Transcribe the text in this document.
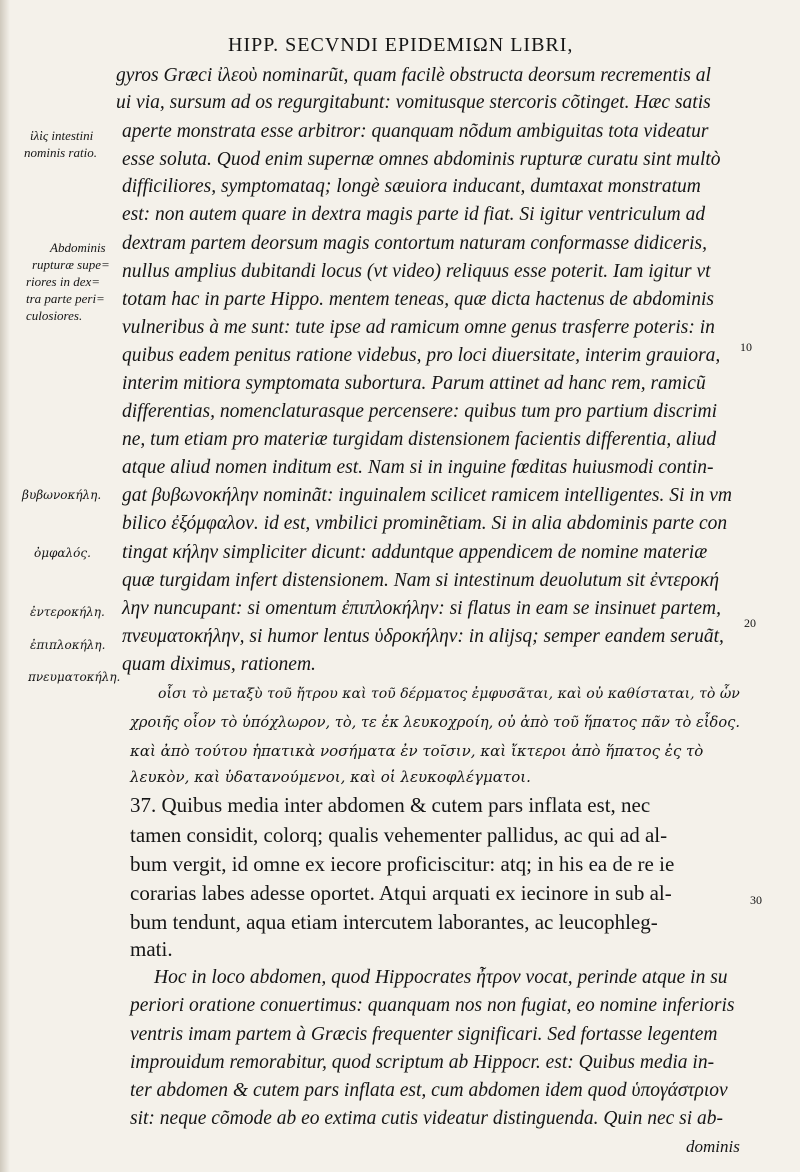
HIPP. SECVNDI EPIDEMIΩN LIBRI,
ἰλὶς intestini
nominis ratio.
Abdominis
rupturæ supe=
riores in dex=
tra parte peri=
culosiores.
βυβωνοκήλη.
ὀμφαλός.
ἐντεροκήλη.
ἐπιπλοκήλη.
πνευματοκήλη.
10
20
30
gyros Græci ἰλεοὺ nominarũt, quam facilè obstructa deorsum recrementis al
ui via, sursum ad os regurgitabunt: vomitusque stercoris cõtinget. Hæc satis
aperte monstrata esse arbitror: quanquam nõdum ambiguitas tota videatur
esse soluta. Quod enim supernæ omnes abdominis rupturæ curatu sint multò
difficiliores, symptomataq; longè sæuiora inducant, dumtaxat monstratum
est: non autem quare in dextra magis parte id fiat. Si igitur ventriculum ad
dextram partem deorsum magis contortum naturam conformasse didiceris,
nullus amplius dubitandi locus (vt video) reliquus esse poterit. Iam igitur vt
totam hac in parte Hippo. mentem teneas, quæ dicta hactenus de abdominis
vulneribus à me sunt: tute ipse ad ramicum omne genus trasferre poteris: in
quibus eadem penitus ratione videbus, pro loci diuersitate, interim grauiora,
interim mitiora symptomata subortura. Parum attinet ad hanc rem, ramicũ
differentias, nomenclaturasque percensere: quibus tum pro partium discrimi
ne, tum etiam pro materiæ turgidam distensionem facientis differentia, aliud
atque aliud nomen inditum est. Nam si in inguine fœditas huiusmodi contin-
gat βυβωνοκήλην nominãt: inguinalem scilicet ramicem intelligentes. Si in vm
bilico ἐξόμφαλον. id est, vmbilici prominẽtiam. Si in alia abdominis parte con
tingat κήλην simpliciter dicunt: adduntque appendicem de nomine materiæ
quæ turgidam infert distensionem. Nam si intestinum deuolutum sit ἐντεροκή
λην nuncupant: si omentum ἐπιπλοκήλην: si flatus in eam se insinuet partem,
πνευματοκήλην, si humor lentus ὑδροκήλην: in alijsq; semper eandem seruãt,
quam diximus, rationem.
οἷσι τὸ μεταξὺ τοῦ ἤτρου καὶ τοῦ δέρματος ἐμφυσᾶται, καὶ οὐ καθίσταται, τὸ ὧν
χροιῆς οἷον τὸ ὑπόχλωρον, τὸ, τε ἐκ λευκοχροίη, οὐ ἀπὸ τοῦ ἥπατος πᾶν τὸ εἶδος.
καὶ ἀπὸ τούτου ἡπατικὰ νοσήματα ἐν τοῖσιν, καὶ ἴκτεροι ἀπὸ ἥπατος ἐς τὸ
λευκὸν, καὶ ὑδατανούμενοι, καὶ οἱ λευκοφλέγματοι.
37. Quibus media inter abdomen & cutem pars inflata est, nec
tamen considit, colorq; qualis vehementer pallidus, ac qui ad al-
bum vergit, id omne ex iecore proficiscitur: atq; in his ea de re ie
corarias labes adesse oportet. Atqui arquati ex iecinore in sub al-
bum tendunt, aqua etiam intercutem laborantes, ac leucophleg-
mati.
Hoc in loco abdomen, quod Hippocrates ἦτρον vocat, perinde atque in su
periori oratione conuertimus: quanquam nos non fugiat, eo nomine inferioris
ventris imam partem à Græcis frequenter significari. Sed fortasse legentem
improuidum remorabitur, quod scriptum ab Hippocr. est: Quibus media in-
ter abdomen & cutem pars inflata est, cum abdomen idem quod ὑπογάστριον
sit: neque cõmode ab eo extima cutis videatur distinguenda. Quin nec si ab-
dominis
